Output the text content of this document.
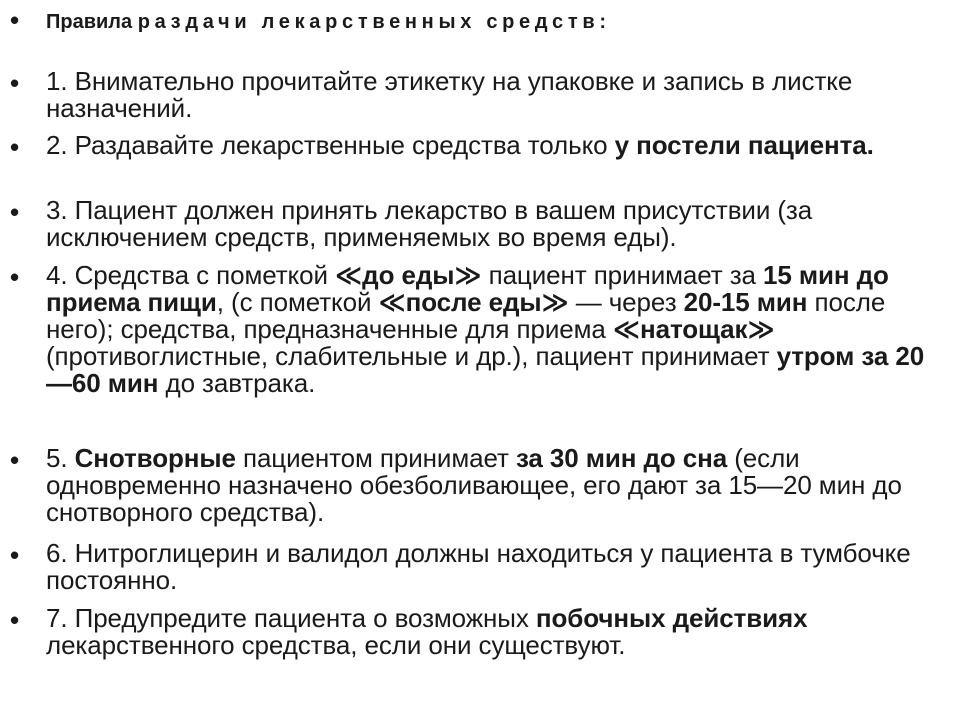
• Правила раздачи лекарственных средств:
• 1. Внимательно прочитайте этикетку на упаковке и запись в листке назначений.
• 2. Раздавайте лекарственные средства только у постели пациента.
• 3. Пациент должен принять лекарство в вашем присутствии (за исключением средств, применяемых во время еды).
• 4. Средства с пометкой ≪до еды≫ пациент принимает за 15 мин до приема пищи, (с пометкой ≪после еды≫ — через 20-15 мин после него); средства, предназначенные для приема ≪натощак≫ (противоглистные, слабительные и др.), пациент принимает утром за 20—60 мин до завтрака.
• 5. Снотворные пациентом принимает за 30 мин до сна (если одновременно назначено обезболивающее, его дают за 15—20 мин до снотворного средства).
• 6. Нитроглицерин и валидол должны находиться у пациента в тумбочке постоянно.
• 7. Предупредите пациента о возможных побочных действиях лекарственного средства, если они существуют.
